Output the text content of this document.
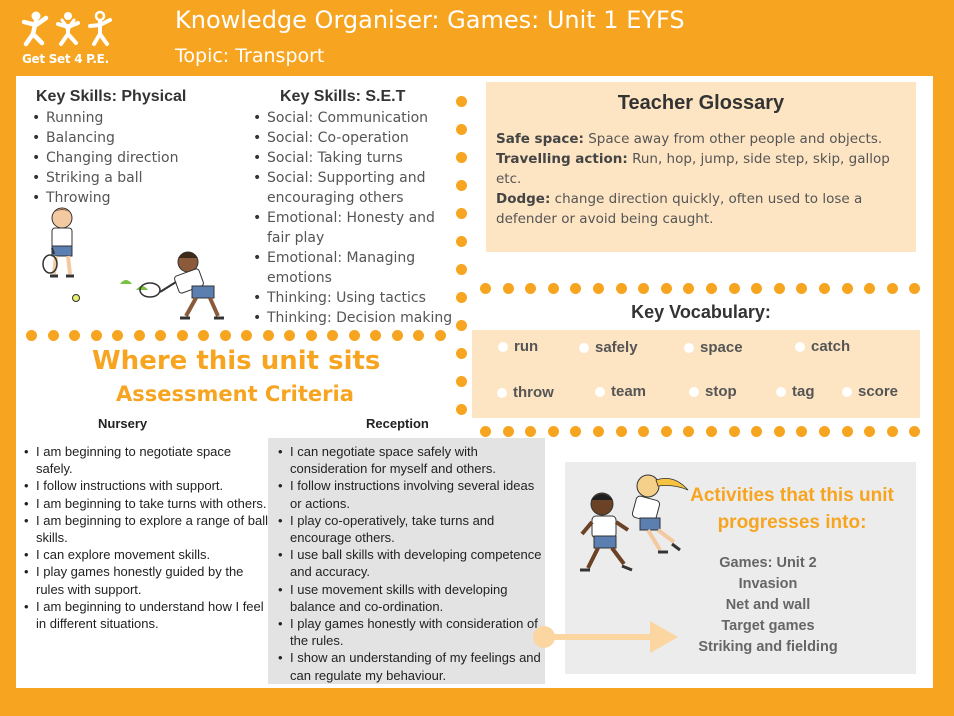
Get Set 4 P.E.
Knowledge Organiser: Games: Unit 1 EYFS
Topic: Transport
Key Skills: Physical
• Running
• Balancing
• Changing direction
• Striking a ball
• Throwing
Key Skills: S.E.T
• Social: Communication
• Social: Co-operation
• Social: Taking turns
• Social: Supporting and encouraging others
• Emotional: Honesty and fair play
• Emotional: Managing emotions
• Thinking: Using tactics
• Thinking: Decision making
Teacher Glossary

Safe space: Space away from other people and objects.

Travelling action: Run, hop, jump, side step, skip, gallop etc.

Dodge: change direction quickly, often used to lose a defender or avoid being caught.

Key Vocabulary:
run	safely	space	catch
throw	team	stop	tag	score
Where this unit sits
Assessment Criteria
Nursery	Reception
• I am beginning to negotiate space safely.
• I follow instructions with support.
• I am beginning to take turns with others.
• I am beginning to explore a range of ball skills.
• I can explore movement skills.
• I play games honestly guided by the rules with support.
• I am beginning to understand how I feel in different situations.
• I can negotiate space safely with consideration for myself and others.
• I follow instructions involving several ideas or actions.
• I play co-operatively, take turns and encourage others.
• I use ball skills with developing competence and accuracy.
• I use movement skills with developing balance and co-ordination.
• I play games honestly with consideration of the rules.
• I show an understanding of my feelings and can regulate my behaviour.
Activities that this unit progresses into:
Games: Unit 2
Invasion
Net and wall
Target games
Striking and fielding
